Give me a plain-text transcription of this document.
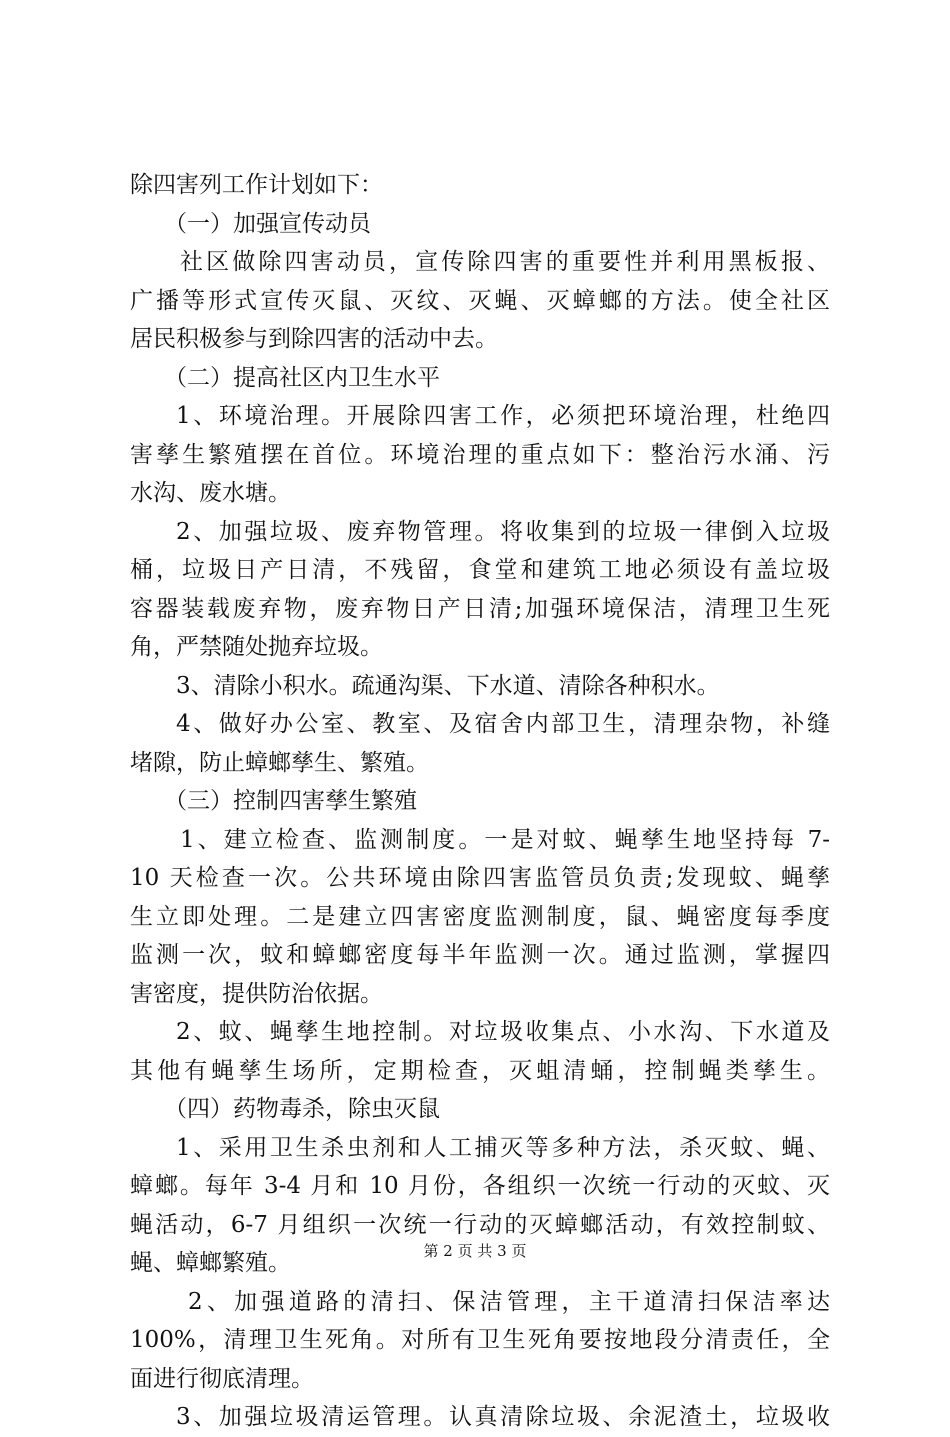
除四害列工作计划如下：
（一）加强宣传动员
社区做除四害动员，宣传除四害的重要性并利用黑板报、
广播等形式宣传灭鼠、灭纹、灭蝇、灭蟑螂的方法。使全社区
居民积极参与到除四害的活动中去。
（二）提高社区内卫生水平
1、环境治理。开展除四害工作，必须把环境治理，杜绝四
害孳生繁殖摆在首位。环境治理的重点如下：整治污水涌、污
水沟、废水塘。
2、加强垃圾、废弃物管理。将收集到的垃圾一律倒入垃圾
桶，垃圾日产日清，不残留，食堂和建筑工地必须设有盖垃圾
容器装载废弃物，废弃物日产日清;加强环境保洁，清理卫生死
角，严禁随处抛弃垃圾。
3、清除小积水。疏通沟渠、下水道、清除各种积水。
4、做好办公室、教室、及宿舍内部卫生，清理杂物，补缝
堵隙，防止蟑螂孳生、繁殖。
（三）控制四害孳生繁殖
1、建立检查、监测制度。一是对蚊、蝇孳生地坚持每 7-
10 天检查一次。公共环境由除四害监管员负责;发现蚊、蝇孳
生立即处理。二是建立四害密度监测制度，鼠、蝇密度每季度
监测一次，蚊和蟑螂密度每半年监测一次。通过监测，掌握四
害密度，提供防治依据。
2、蚊、蝇孳生地控制。对垃圾收集点、小水沟、下水道及
其他有蝇孳生场所，定期检查，灭蛆清蛹，控制蝇类孳生。
（四）药物毒杀，除虫灭鼠
1、采用卫生杀虫剂和人工捕灭等多种方法，杀灭蚊、蝇、
蟑螂。每年 3-4 月和 10 月份，各组织一次统一行动的灭蚊、灭
蝇活动，6-7 月组织一次统一行动的灭蟑螂活动，有效控制蚊、
蝇、蟑螂繁殖。
2、加强道路的清扫、保洁管理，主干道清扫保洁率达
100%，清理卫生死角。对所有卫生死角要按地段分清责任，全
面进行彻底清理。
3、加强垃圾清运管理。认真清除垃圾、余泥渣土，垃圾收
第 2 页 共 3 页
